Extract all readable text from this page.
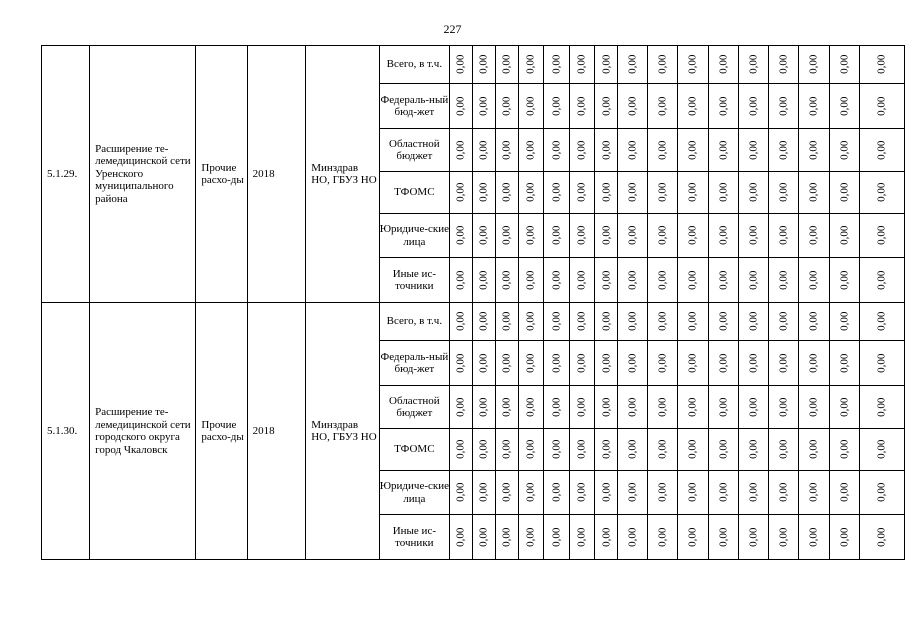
227
5.1.29.	Расширение те-лемедицинской сети Уренского муниципального района	Прочие расхо-ды	2018	Минздрав НО, ГБУЗ НО	Всего, в т.ч.	0,00	0,00	0,00	0,00	0,00	0,00	0,00	0,00	0,00	0,00	0,00	0,00	0,00	0,00	0,00	0,00
					Федераль-ный бюд-жет	0,00	0,00	0,00	0,00	0,00	0,00	0,00	0,00	0,00	0,00	0,00	0,00	0,00	0,00	0,00	0,00
					Областной бюджет	0,00	0,00	0,00	0,00	0,00	0,00	0,00	0,00	0,00	0,00	0,00	0,00	0,00	0,00	0,00	0,00
					ТФОМС	0,00	0,00	0,00	0,00	0,00	0,00	0,00	0,00	0,00	0,00	0,00	0,00	0,00	0,00	0,00	0,00
					Юридиче-ские лица	0,00	0,00	0,00	0,00	0,00	0,00	0,00	0,00	0,00	0,00	0,00	0,00	0,00	0,00	0,00	0,00
					Иные ис-точники	0,00	0,00	0,00	0,00	0,00	0,00	0,00	0,00	0,00	0,00	0,00	0,00	0,00	0,00	0,00	0,00
5.1.30.	Расширение те-лемедицинской сети городского округа город Чкаловск	Прочие расхо-ды	2018	Минздрав НО, ГБУЗ НО	Всего, в т.ч.	0,00	0,00	0,00	0,00	0,00	0,00	0,00	0,00	0,00	0,00	0,00	0,00	0,00	0,00	0,00	0,00
					Федераль-ный бюд-жет	0,00	0,00	0,00	0,00	0,00	0,00	0,00	0,00	0,00	0,00	0,00	0,00	0,00	0,00	0,00	0,00
					Областной бюджет	0,00	0,00	0,00	0,00	0,00	0,00	0,00	0,00	0,00	0,00	0,00	0,00	0,00	0,00	0,00	0,00
					ТФОМС	0,00	0,00	0,00	0,00	0,00	0,00	0,00	0,00	0,00	0,00	0,00	0,00	0,00	0,00	0,00	0,00
					Юридиче-ские лица	0,00	0,00	0,00	0,00	0,00	0,00	0,00	0,00	0,00	0,00	0,00	0,00	0,00	0,00	0,00	0,00
					Иные ис-точники	0,00	0,00	0,00	0,00	0,00	0,00	0,00	0,00	0,00	0,00	0,00	0,00	0,00	0,00	0,00	0,00
